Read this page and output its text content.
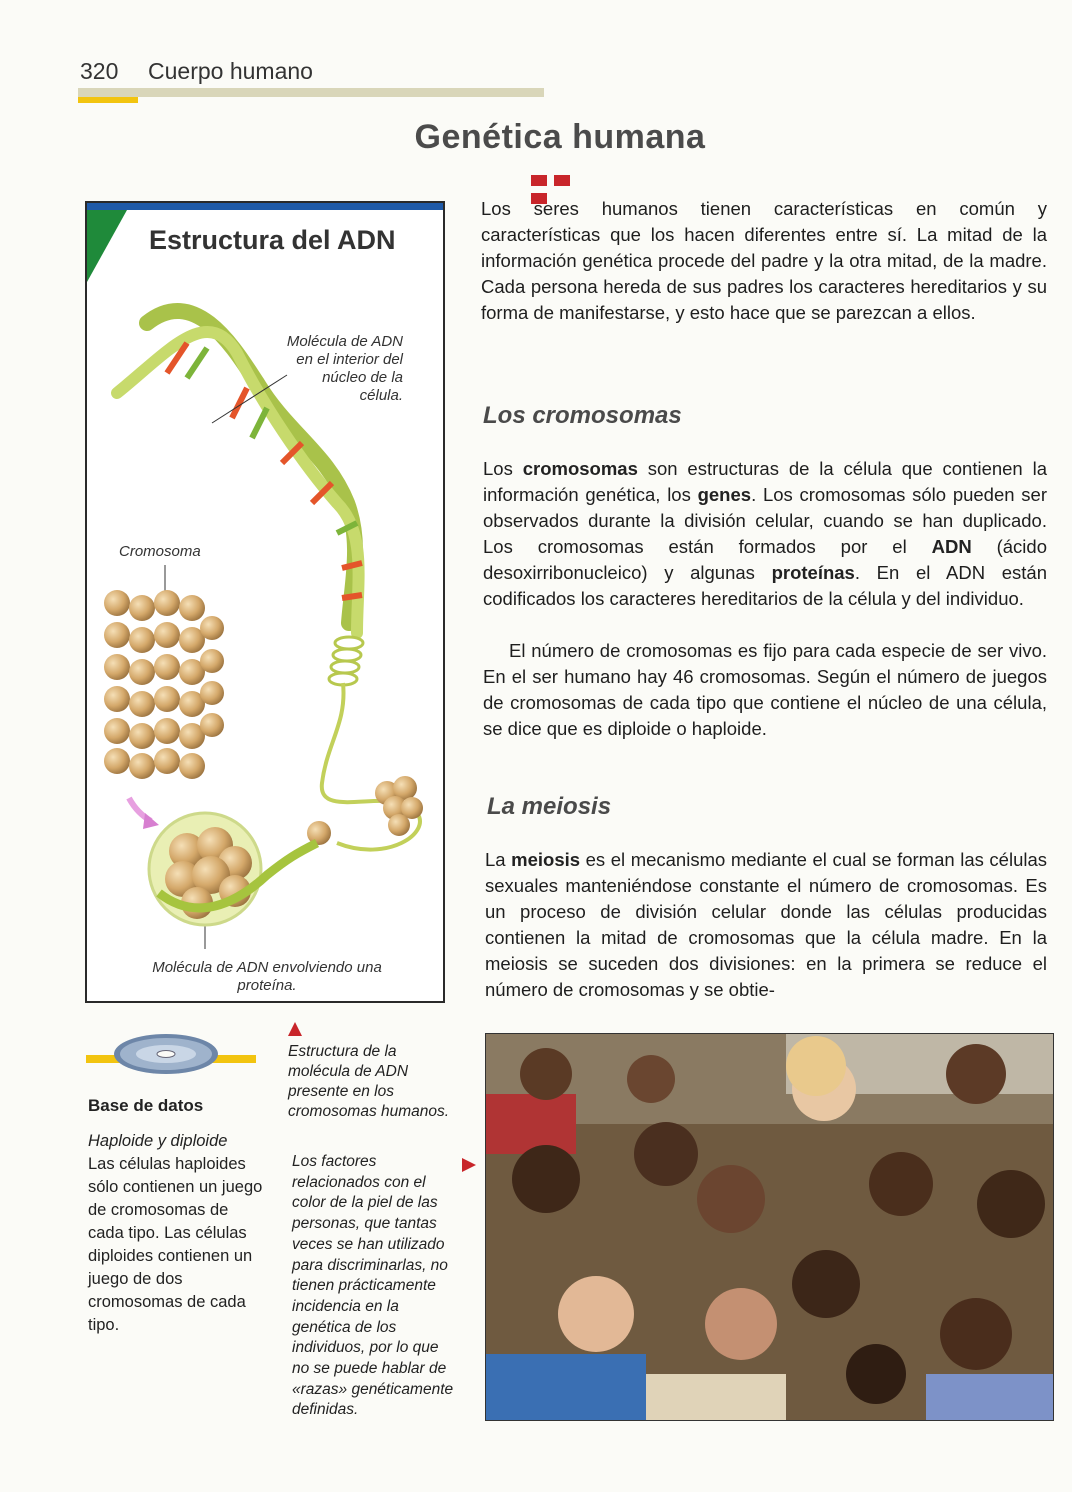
320 Cuerpo humano
Genética humana
Estructura del ADN
Molécula de ADN en el interior del núcleo de la célula.
Cromosoma
Molécula de ADN envolviendo una proteína.
Los seres humanos tienen características en común y características que los hacen diferentes entre sí. La mitad de la información genética procede del padre y la otra mitad, de la madre. Cada persona hereda de sus padres los caracteres hereditarios y su forma de manifestarse, y esto hace que se parezcan a ellos.
Los cromosomas
Los cromosomas son estructuras de la célula que contienen la información genética, los genes. Los cromosomas sólo pueden ser observados durante la división celular, cuando se han duplicado. Los cromosomas están formados por el ADN (ácido desoxirribonucleico) y algunas proteínas. En el ADN están codificados los caracteres hereditarios de la célula y del individuo.
El número de cromosomas es fijo para cada especie de ser vivo. En el ser humano hay 46 cromosomas. Según el número de juegos de cromosomas de cada tipo que contiene el núcleo de una célula, se dice que es diploide o haploide.
La meiosis
La meiosis es el mecanismo mediante el cual se forman las células sexuales manteniéndose constante el número de cromosomas. Es un proceso de división celular donde las células producidas contienen la mitad de cromosomas que la célula madre. En la meiosis se suceden dos divisiones: en la primera se reduce el número de cromosomas y se obtie-
Base de datos
Haploide y diploide
Las células haploides sólo contienen un juego de cromosomas de cada tipo. Las células diploides contienen un juego de dos cromosomas de cada tipo.
Estructura de la molécula de ADN presente en los cromosomas humanos.
Los factores relacionados con el color de la piel de las personas, que tantas veces se han utilizado para discriminarlas, no tienen prácticamente incidencia en la genética de los individuos, por lo que no se puede hablar de «razas» genéticamente definidas.
